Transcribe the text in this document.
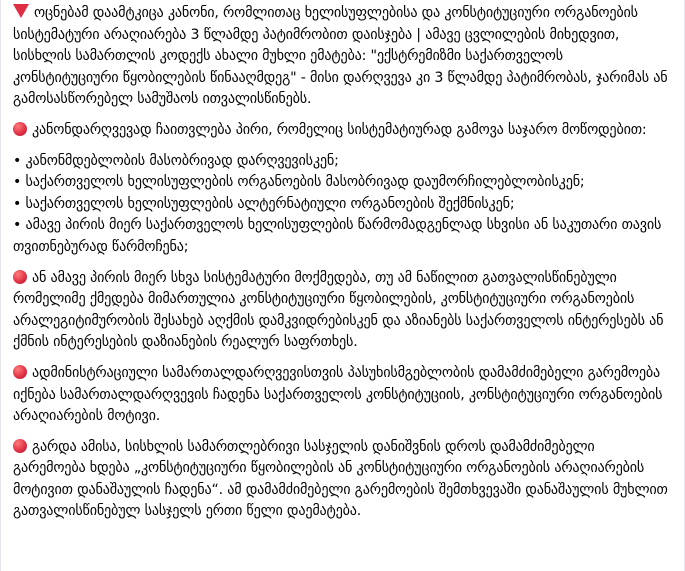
ოცნებამ დაამტკიცა კანონი, რომლითაც ხელისუფლებისა და კონსტიტუციური ორგანოების სისტემატური არაღიარება 3 წლამდე პატიმრობით დაისჯება | ამავე ცვლილების მიხედვით, სისხლის სამართლის კოდექს ახალი მუხლი ემატება: "ექსტრემიზმი საქართველოს კონსტიტუციური წყობილების წინააღმდეგ" - მისი დარღვევა კი 3 წლამდე პატიმრობას, ჯარიმას ან გამოსასწორებელ სამუშაოს ითვალისწინებს.

კანონდარღვევად ჩაითვლება პირი, რომელიც სისტემატიურად გამოვა საჯარო მოწოდებით:

• კანონმდებლობის მასობრივად დარღვევისკენ;
• საქართველოს ხელისუფლების ორგანოების მასობრივად დაუმორჩილებლობისკენ;
• საქართველოს ხელისუფლების ალტერნატიული ორგანოების შექმნისკენ;
• ამავე პირის მიერ საქართველოს ხელისუფლების წარმომადგენლად სხვისი ან საკუთარი თავის თვითნებურად წარმოჩენა;

ან ამავე პირის მიერ სხვა სისტემატური მოქმედება, თუ ამ ნაწილით გათვალისწინებული რომელიმე ქმედება მიმართულია კონსტიტუციური წყობილების, კონსტიტუციური ორგანოების არალეგიტიმურობის შესახებ აღქმის დამკვიდრებისკენ და აზიანებს საქართველოს ინტერესებს ან ქმნის ინტერესების დაზიანების რეალურ საფრთხეს.

ადმინისტრაციული სამართალდარღვევისთვის პასუხისმგებლობის დამამძიმებელი გარემოება იქნება სამართალდარღვევის ჩადენა საქართველოს კონსტიტუციის, კონსტიტუციური ორგანოების არაღიარების მოტივი.

გარდა ამისა, სისხლის სამართლებრივი სასჯელის დანიშვნის დროს დამამძიმებელი გარემოება ხდება „კონსტიტუციური წყობილების ან კონსტიტუციური ორგანოების არაღიარების მოტივით დანაშაულის ჩადენა“. ამ დამამძიმებელი გარემოების შემთხვევაში დანაშაულის მუხლით გათვალისწინებულ სასჯელს ერთი წელი დაემატება.
